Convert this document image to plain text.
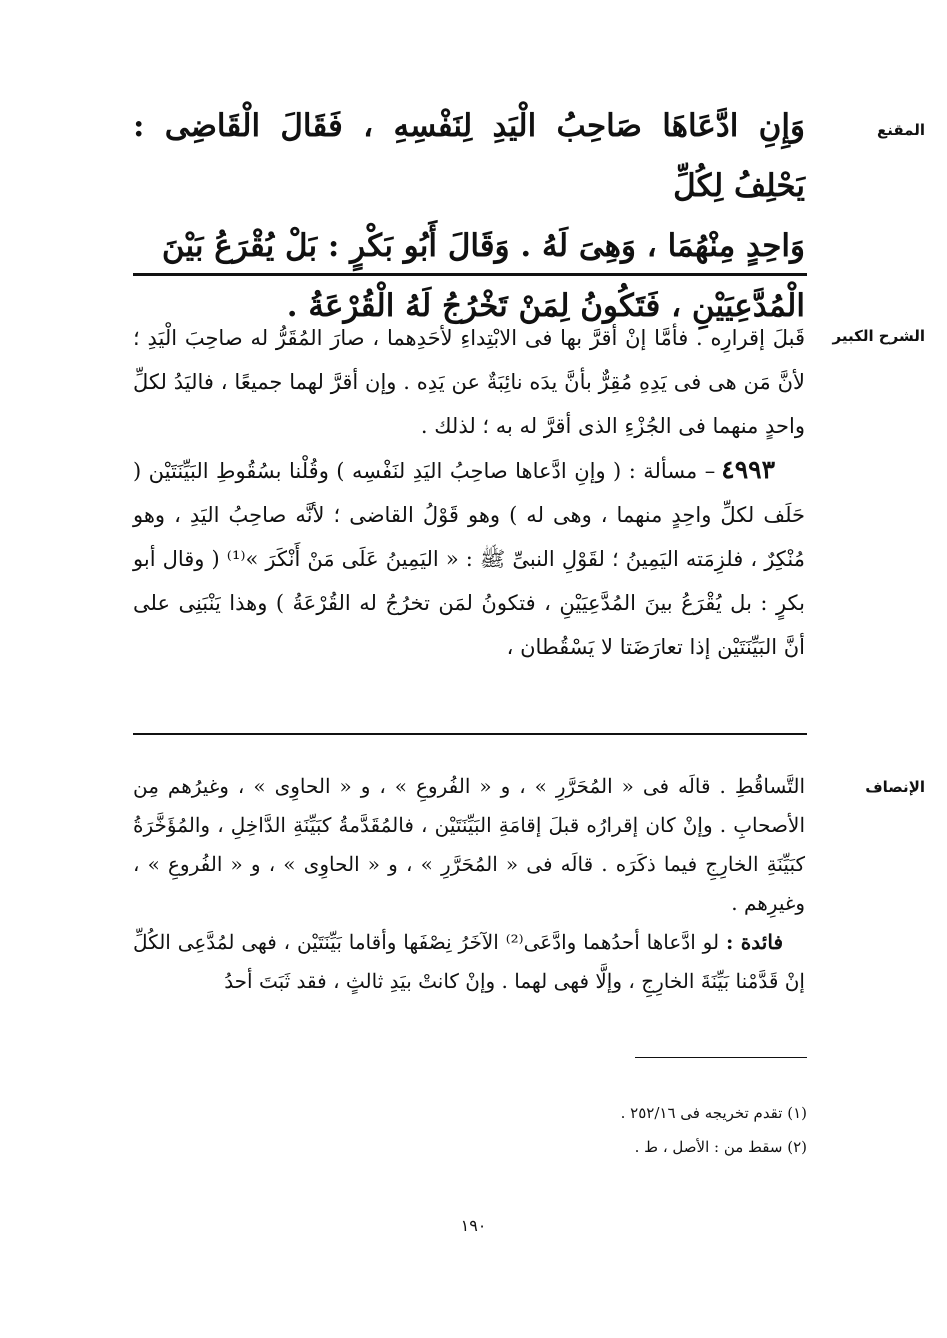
المقنع

وَإِنِ ادَّعَاهَا صَاحِبُ الْيَدِ لِنَفْسِهِ ، فَقَالَ الْقَاضِى : يَحْلِفُ لِكُلِّ

وَاحِدٍ مِنْهُمَا ، وَهِىَ لَهُ . وَقَالَ أَبُو بَكْرٍ : بَلْ يُقْرَعُ بَيْنَ

الْمُدَّعِيَيْنِ ، فَتَكُونُ لِمَنْ تَخْرُجُ لَهُ الْقُرْعَةُ .

الشرح الكبير

قَبلَ إقرارِه . فأمَّا إنْ أقرَّ بها فى الابْتِداءِ لأحَدِهما ، صارَ المُقَرُّ له صاحِبَ الْيَدِ ؛ لأنَّ مَن هى فى يَدِهِ مُقِرٌّ بأنَّ يدَه نائِبَةٌ عن يَدِه . وإن أقرَّ لهما جميعًا ، فاليَدُ لكلِّ واحدٍ منهما فى الجُزْءِ الذى أقرَّ له به ؛ لذلك .

٤٩٩٣– مسألة : ( وإنِ ادَّعاها صاحِبُ اليَدِ لنَفْسِه ) وقُلْنا بسُقُوطِ البَيِّنَتَيْن ( حَلَف لكلِّ واحِدٍ منهما ، وهى له ) وهو قَوْلُ القاضى ؛ لأنَّه صاحِبُ اليَدِ ، وهو مُنْكِرٌ ، فلزِمَته اليَمِينُ ؛ لقَوْلِ النبىِّ ﷺ : « اليَمِينُ عَلَى مَنْ أَنْكَرَ »⁽¹⁾ ( وقال أبو بكرٍ : بل يُقْرَعُ بينَ المُدَّعِيَيْنِ ، فتكونُ لمَن تخرُجُ له القُرْعَةُ ) وهذا يَنْبَنِى على أنَّ البَيِّنَتَيْن إذا تعارَضَتا لا يَسْقُطان ،

الإنصاف

التَّساقُطِ . قالَه فى « المُحَرَّرِ » ، و « الفُروعِ » ، و « الحاوِى » ، وغيرُهم مِن الأصحابِ . وإنْ كان إقرارُه قبلَ إقامَةِ البَيِّنَتَيْن ، فالمُقَدَّمةُ كبَيِّنَةِ الدَّاخِلِ ، والمُؤَخَّرَةُ كبَيِّنَةِ الخارِجِ فيما ذكَرَه . قالَه فى « المُحَرَّرِ » ، و « الحاوِى » ، و « الفُروعِ » ، وغيرِهم .

فائدة : لو ادَّعاها أحدُهما وادَّعَى⁽²⁾ الآخَرُ نِصْفَها وأقاما بَيِّنَتَيْن ، فهى لمُدَّعِى الكُلِّ إنْ قَدَّمْنا بَيِّنَةَ الخارِجِ ، وإلَّا فهى لهما . وإنْ كانتْ بيَدِ ثالثٍ ، فقد ثَبَتَ أحدُ

(١) تقدم تخريجه فى ٢٥٢/١٦ .

(٢) سقط من : الأصل ، ط .

١٩٠
